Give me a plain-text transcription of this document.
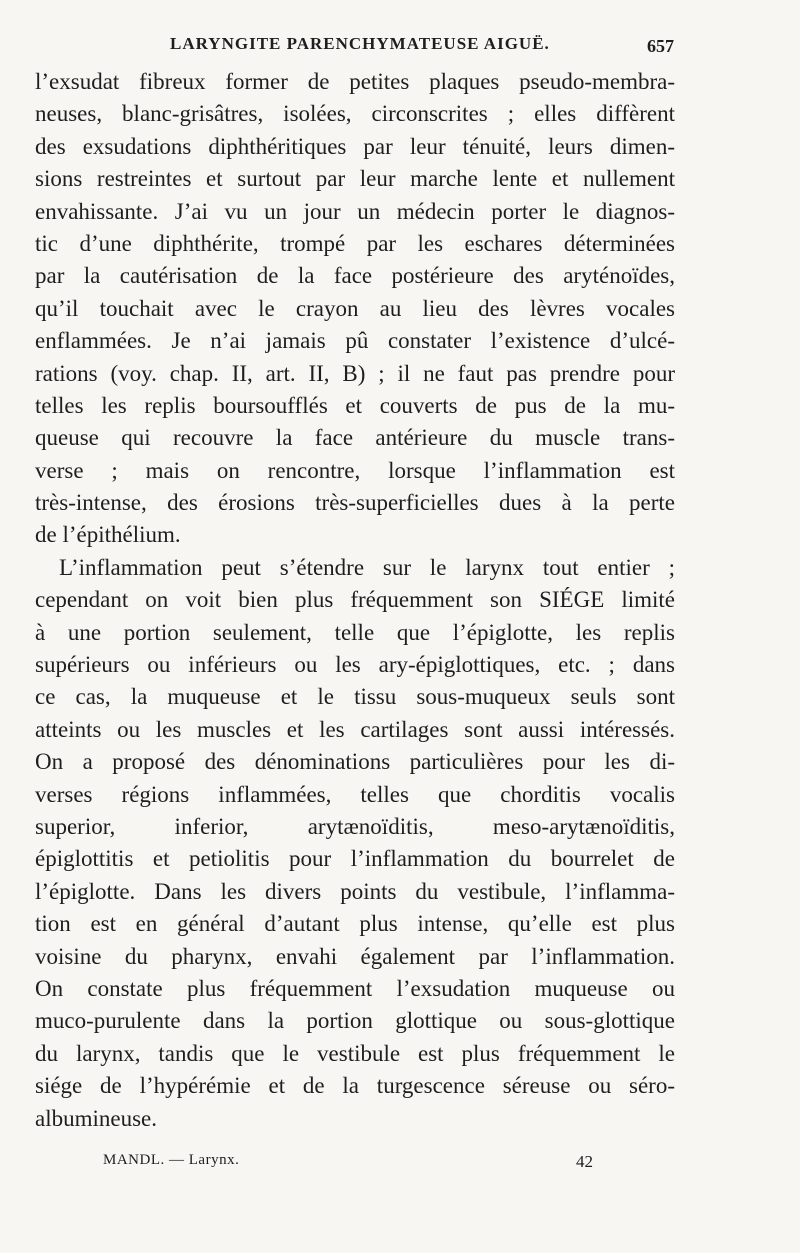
LARYNGITE PARENCHYMATEUSE AIGUË.	657
l’exsudat fibreux former de petites plaques pseudo-membra-
neuses, blanc-grisâtres, isolées, circonscrites ; elles diffèrent
des exsudations diphthéritiques par leur ténuité, leurs dimen-
sions restreintes et surtout par leur marche lente et nullement
envahissante. J’ai vu un jour un médecin porter le diagnos-
tic d’une diphthérite, trompé par les eschares déterminées
par la cautérisation de la face postérieure des aryténoïdes,
qu’il touchait avec le crayon au lieu des lèvres vocales
enflammées. Je n’ai jamais pû constater l’existence d’ulcé-
rations (voy. chap. II, art. II, B) ; il ne faut pas prendre pour
telles les replis boursoufflés et couverts de pus de la mu-
queuse qui recouvre la face antérieure du muscle trans-
verse ; mais on rencontre, lorsque l’inflammation est
très-intense, des érosions très-superficielles dues à la perte
de l’épithélium.
L’inflammation peut s’étendre sur le larynx tout entier ;
cependant on voit bien plus fréquemment son SIÉGE limité
à une portion seulement, telle que l’épiglotte, les replis
supérieurs ou inférieurs ou les ary-épiglottiques, etc. ; dans
ce cas, la muqueuse et le tissu sous-muqueux seuls sont
atteints ou les muscles et les cartilages sont aussi intéressés.
On a proposé des dénominations particulières pour les di-
verses régions inflammées, telles que chorditis vocalis
superior, inferior, arytænoïditis, meso-arytænoïditis,
épiglottitis et petiolitis pour l’inflammation du bourrelet de
l’épiglotte. Dans les divers points du vestibule, l’inflamma-
tion est en général d’autant plus intense, qu’elle est plus
voisine du pharynx, envahi également par l’inflammation.
On constate plus fréquemment l’exsudation muqueuse ou
muco-purulente dans la portion glottique ou sous-glottique
du larynx, tandis que le vestibule est plus fréquemment le
siége de l’hypérémie et de la turgescence séreuse ou séro-
albumineuse.
MANDL. — Larynx.	42
